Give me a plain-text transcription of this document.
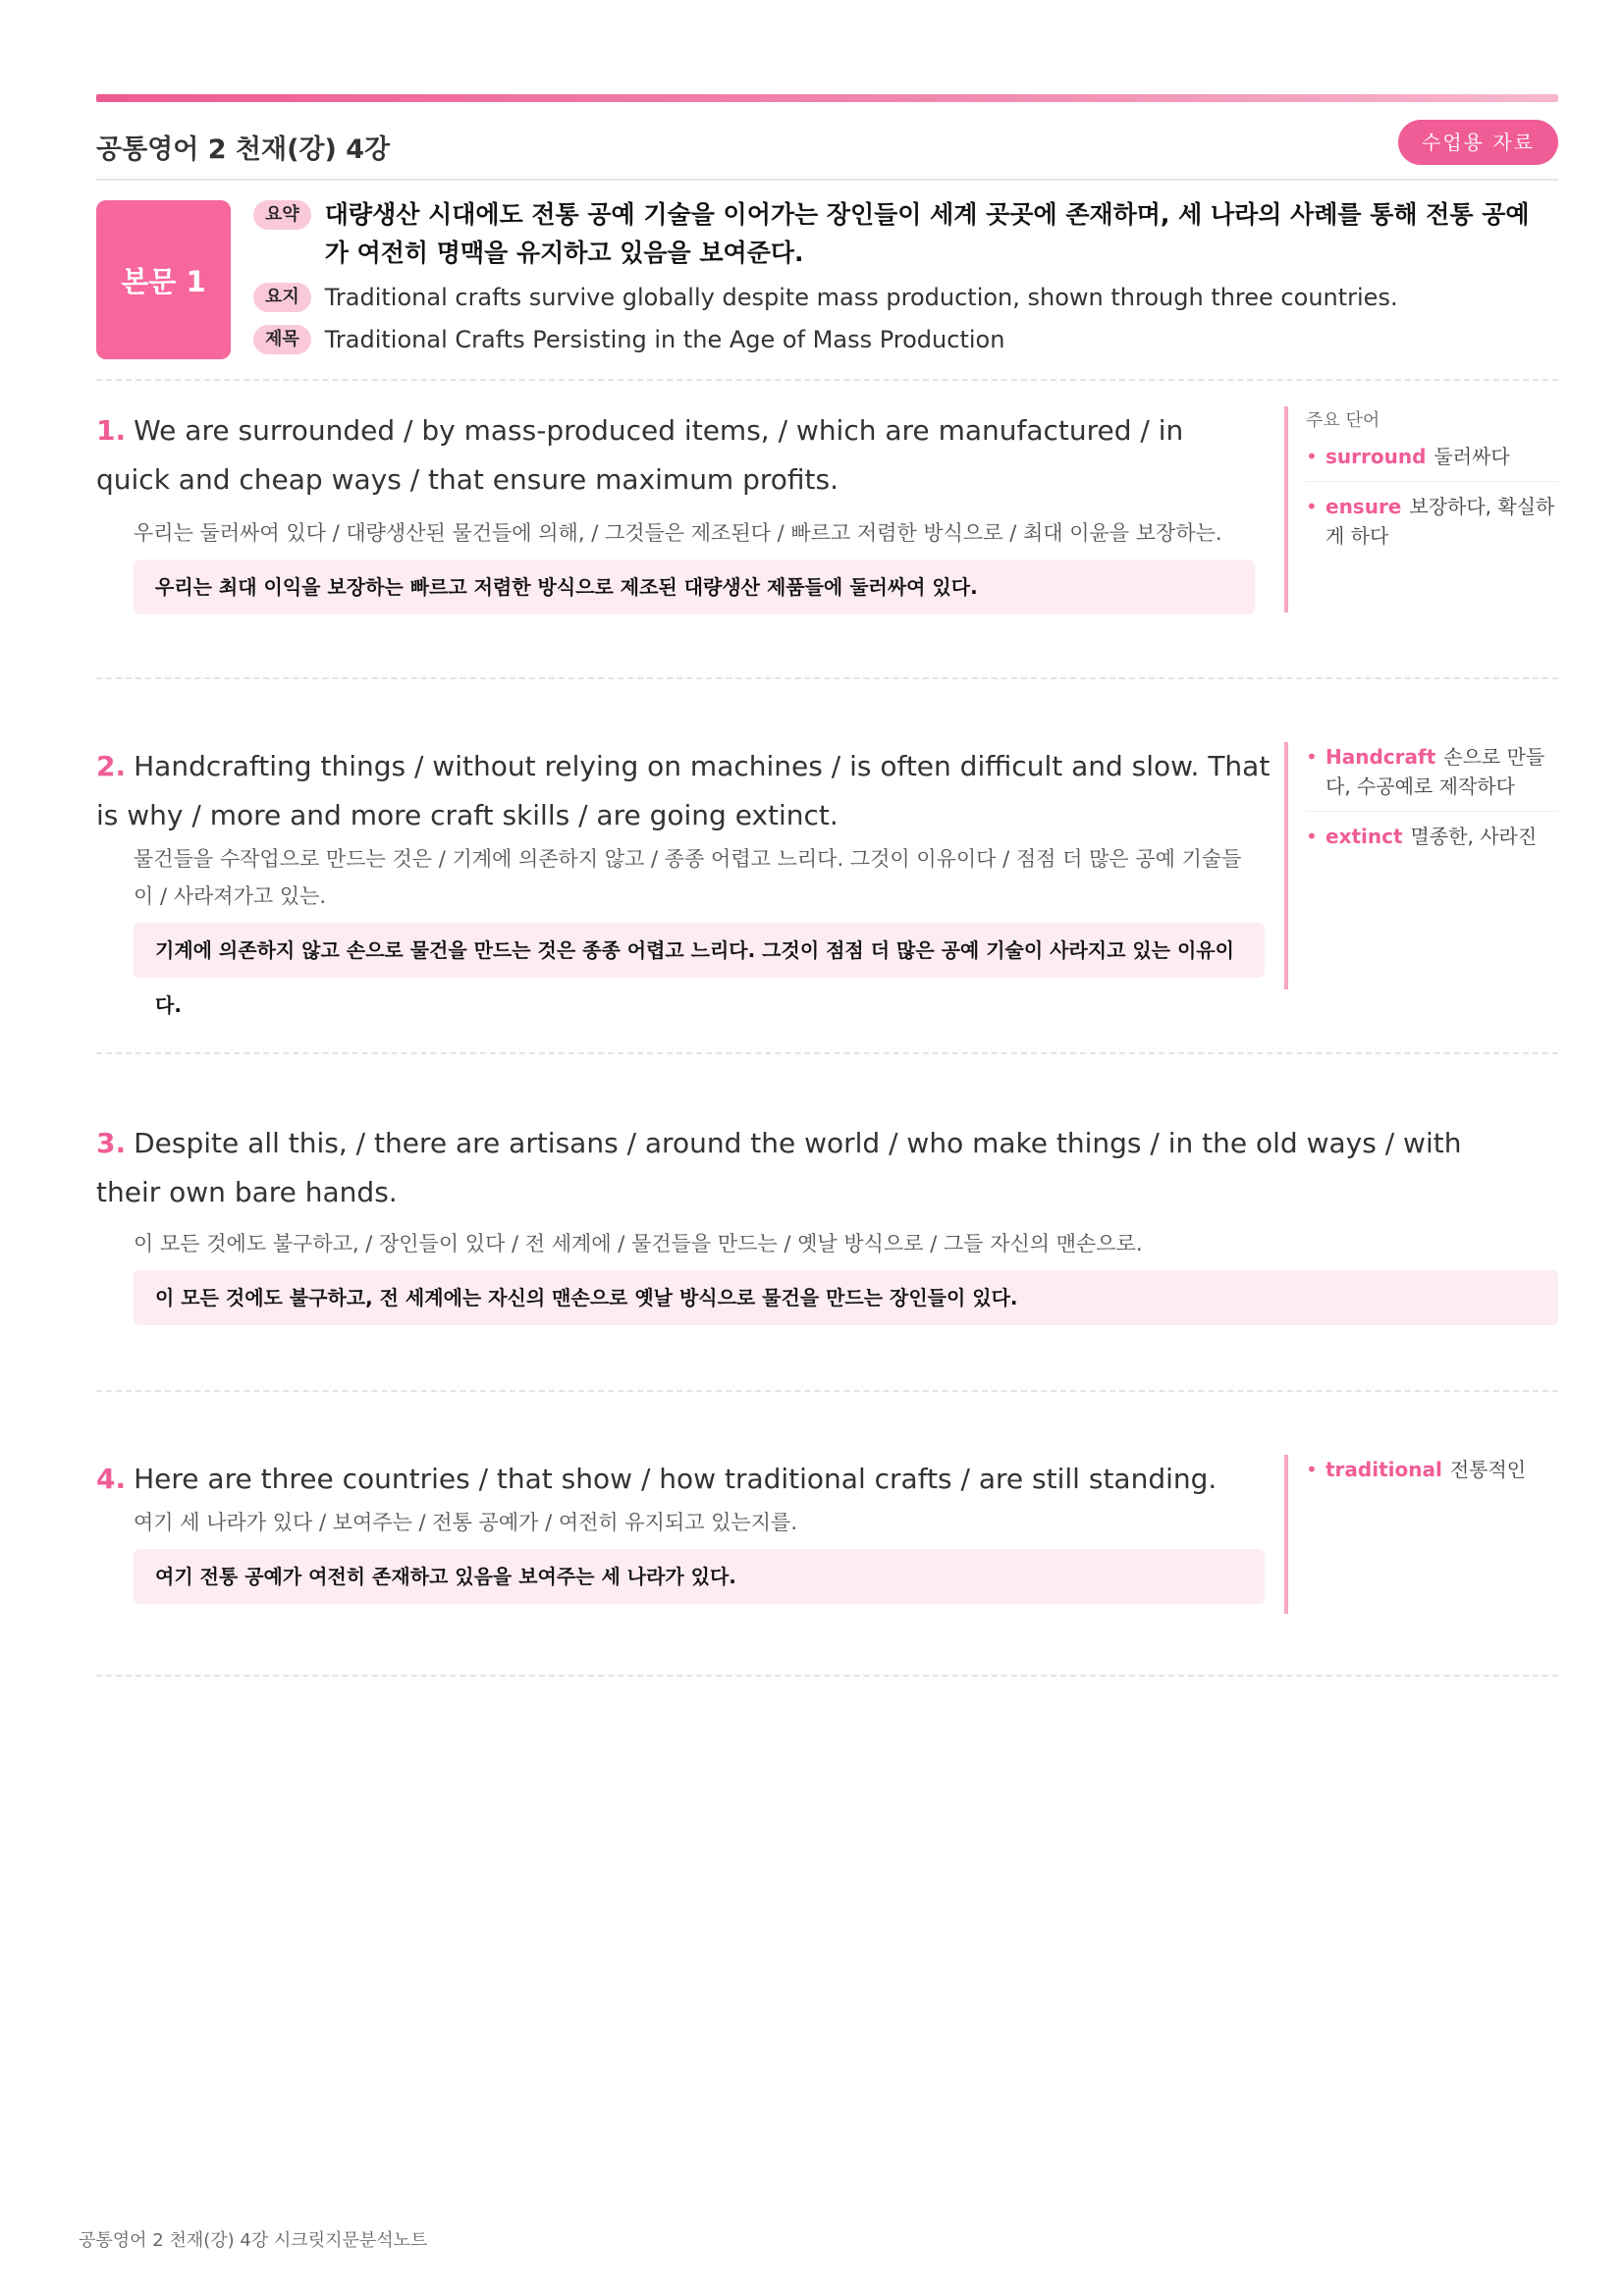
공통영어 2 천재(강) 4강	수업용 자료
본문 1
요약	대량생산 시대에도 전통 공예 기술을 이어가는 장인들이 세계 곳곳에 존재하며, 세 나라의 사례를 통해 전통 공예가 여전히 명맥을 유지하고 있음을 보여준다.
요지	Traditional crafts survive globally despite mass production, shown through three countries.
제목	Traditional Crafts Persisting in the Age of Mass Production
1. We are surrounded / by mass-produced items, / which are manufactured / in quick and cheap ways / that ensure maximum profits.
우리는 둘러싸여 있다 / 대량생산된 물건들에 의해, / 그것들은 제조된다 / 빠르고 저렴한 방식으로 / 최대 이윤을 보장하는.
우리는 최대 이익을 보장하는 빠르고 저렴한 방식으로 제조된 대량생산 제품들에 둘러싸여 있다.
주요 단어
• surround 둘러싸다
• ensure 보장하다, 확실하게 하다
2. Handcrafting things / without relying on machines / is often difficult and slow. That is why / more and more craft skills / are going extinct.
물건들을 수작업으로 만드는 것은 / 기계에 의존하지 않고 / 종종 어렵고 느리다. 그것이 이유이다 / 점점 더 많은 공예 기술들이 / 사라져가고 있는.
기계에 의존하지 않고 손으로 물건을 만드는 것은 종종 어렵고 느리다. 그것이 점점 더 많은 공예 기술이 사라지고 있는 이유이다.
• Handcraft 손으로 만들다, 수공예로 제작하다
• extinct 멸종한, 사라진
3. Despite all this, / there are artisans / around the world / who make things / in the old ways / with their own bare hands.
이 모든 것에도 불구하고, / 장인들이 있다 / 전 세계에 / 물건들을 만드는 / 옛날 방식으로 / 그들 자신의 맨손으로.
이 모든 것에도 불구하고, 전 세계에는 자신의 맨손으로 옛날 방식으로 물건을 만드는 장인들이 있다.
4. Here are three countries / that show / how traditional crafts / are still standing.
여기 세 나라가 있다 / 보여주는 / 전통 공예가 / 여전히 유지되고 있는지를.
여기 전통 공예가 여전히 존재하고 있음을 보여주는 세 나라가 있다.
• traditional 전통적인
공통영어 2 천재(강) 4강 시크릿지문분석노트
